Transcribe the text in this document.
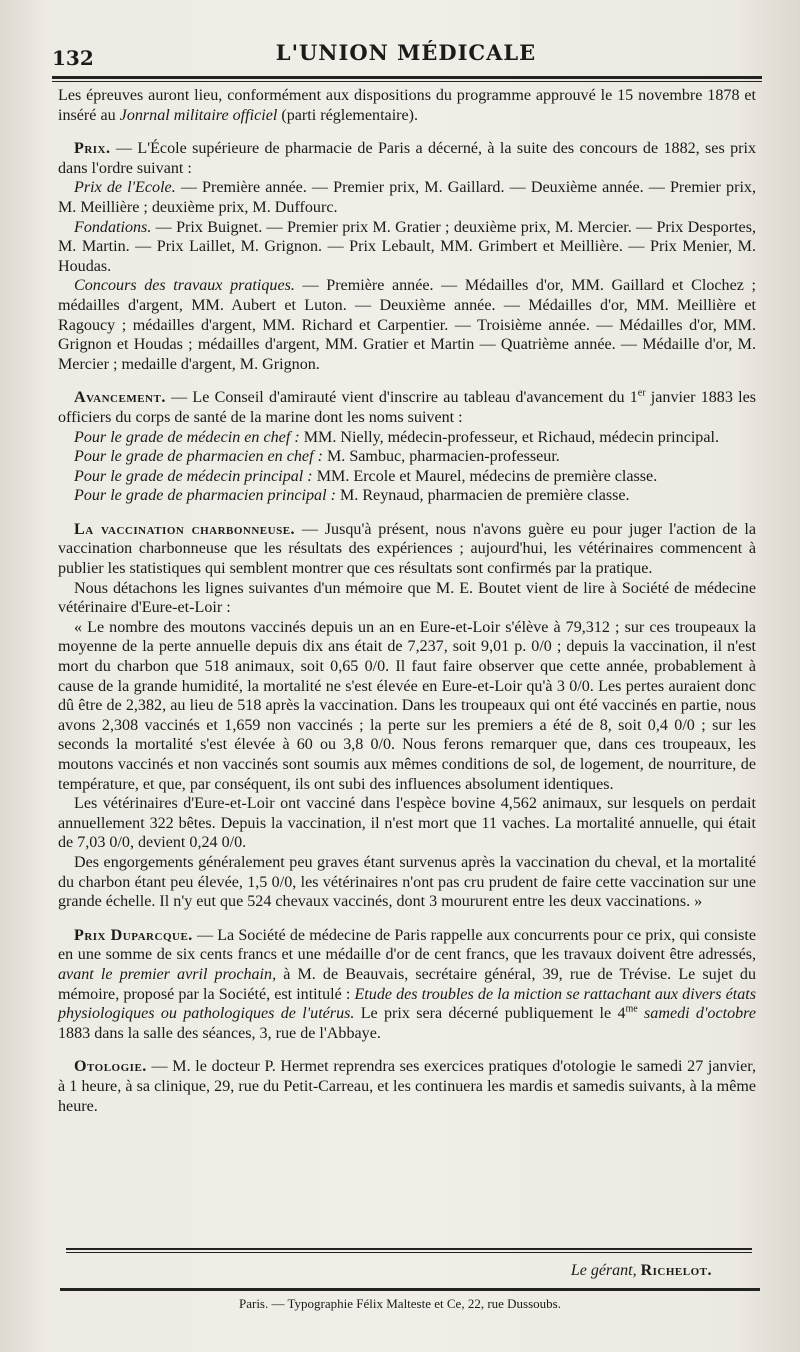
132	L'UNION MÉDICALE

Les épreuves auront lieu, conformément aux dispositions du programme approuvé le 15 novembre 1878 et inséré au Jonrnal militaire officiel (parti réglementaire).

Prix. — L'École supérieure de pharmacie de Paris a décerné, à la suite des concours de 1882, ses prix dans l'ordre suivant :

Prix de l'Ecole. — Première année. — Premier prix, M. Gaillard. — Deuxième année. — Premier prix, M. Meillière ; deuxième prix, M. Duffourc.

Fondations. — Prix Buignet. — Premier prix M. Gratier ; deuxième prix, M. Mercier. — Prix Desportes, M. Martin. — Prix Laillet, M. Grignon. — Prix Lebault, MM. Grimbert et Meillière. — Prix Menier, M. Houdas.

Concours des travaux pratiques. — Première année. — Médailles d'or, MM. Gaillard et Clochez ; médailles d'argent, MM. Aubert et Luton. — Deuxième année. — Médailles d'or, MM. Meillière et Ragoucy ; médailles d'argent, MM. Richard et Carpentier. — Troisième année. — Médailles d'or, MM. Grignon et Houdas ; médailles d'argent, MM. Gratier et Martin — Quatrième année. — Médaille d'or, M. Mercier ; medaille d'argent, M. Grignon.

Avancement. — Le Conseil d'amirauté vient d'inscrire au tableau d'avancement du 1er janvier 1883 les officiers du corps de santé de la marine dont les noms suivent :

Pour le grade de médecin en chef : MM. Nielly, médecin-professeur, et Richaud, médecin principal.

Pour le grade de pharmacien en chef : M. Sambuc, pharmacien-professeur.

Pour le grade de médecin principal : MM. Ercole et Maurel, médecins de première classe.

Pour le grade de pharmacien principal : M. Reynaud, pharmacien de première classe.

La vaccination charbonneuse. — Jusqu'à présent, nous n'avons guère eu pour juger l'action de la vaccination charbonneuse que les résultats des expériences ; aujourd'hui, les vétérinaires commencent à publier les statistiques qui semblent montrer que ces résultats sont confirmés par la pratique.

Nous détachons les lignes suivantes d'un mémoire que M. E. Boutet vient de lire à Société de médecine vétérinaire d'Eure-et-Loir :

« Le nombre des moutons vaccinés depuis un an en Eure-et-Loir s'élève à 79,312 ; sur ces troupeaux la moyenne de la perte annuelle depuis dix ans était de 7,237, soit 9,01 p. 0/0 ; depuis la vaccination, il n'est mort du charbon que 518 animaux, soit 0,65 0/0. Il faut faire observer que cette année, probablement à cause de la grande humidité, la mortalité ne s'est élevée en Eure-et-Loir qu'à 3 0/0. Les pertes auraient donc dû être de 2,382, au lieu de 518 après la vaccination. Dans les troupeaux qui ont été vaccinés en partie, nous avons 2,308 vaccinés et 1,659 non vaccinés ; la perte sur les premiers a été de 8, soit 0,4 0/0 ; sur les seconds la mortalité s'est élevée à 60 ou 3,8 0/0. Nous ferons remarquer que, dans ces troupeaux, les moutons vaccinés et non vaccinés sont soumis aux mêmes conditions de sol, de logement, de nourriture, de température, et que, par conséquent, ils ont subi des influences absolument identiques.

Les vétérinaires d'Eure-et-Loir ont vacciné dans l'espèce bovine 4,562 animaux, sur lesquels on perdait annuellement 322 bêtes. Depuis la vaccination, il n'est mort que 11 vaches. La mortalité annuelle, qui était de 7,03 0/0, devient 0,24 0/0.

Des engorgements généralement peu graves étant survenus après la vaccination du cheval, et la mortalité du charbon étant peu élevée, 1,5 0/0, les vétérinaires n'ont pas cru prudent de faire cette vaccination sur une grande échelle. Il n'y eut que 524 chevaux vaccinés, dont 3 moururent entre les deux vaccinations. »

Prix Duparcque. — La Société de médecine de Paris rappelle aux concurrents pour ce prix, qui consiste en une somme de six cents francs et une médaille d'or de cent francs, que les travaux doivent être adressés, avant le premier avril prochain, à M. de Beauvais, secrétaire général, 39, rue de Trévise. Le sujet du mémoire, proposé par la Société, est intitulé : Etude des troubles de la miction se rattachant aux divers états physiologiques ou pathologiques de l'utérus. Le prix sera décerné publiquement le $4^{me}$ samedi d'octobre 1883 dans la salle des séances, 3, rue de l'Abbaye.

Otologie. — M. le docteur P. Hermet reprendra ses exercices pratiques d'otologie le samedi 27 janvier, à 1 heure, à sa clinique, 29, rue du Petit-Carreau, et les continuera les mardis et samedis suivants, à la même heure.

Le gérant, Richelot.
Paris. — Typographie Félix Malteste et Ce, 22, rue Dussoubs.
